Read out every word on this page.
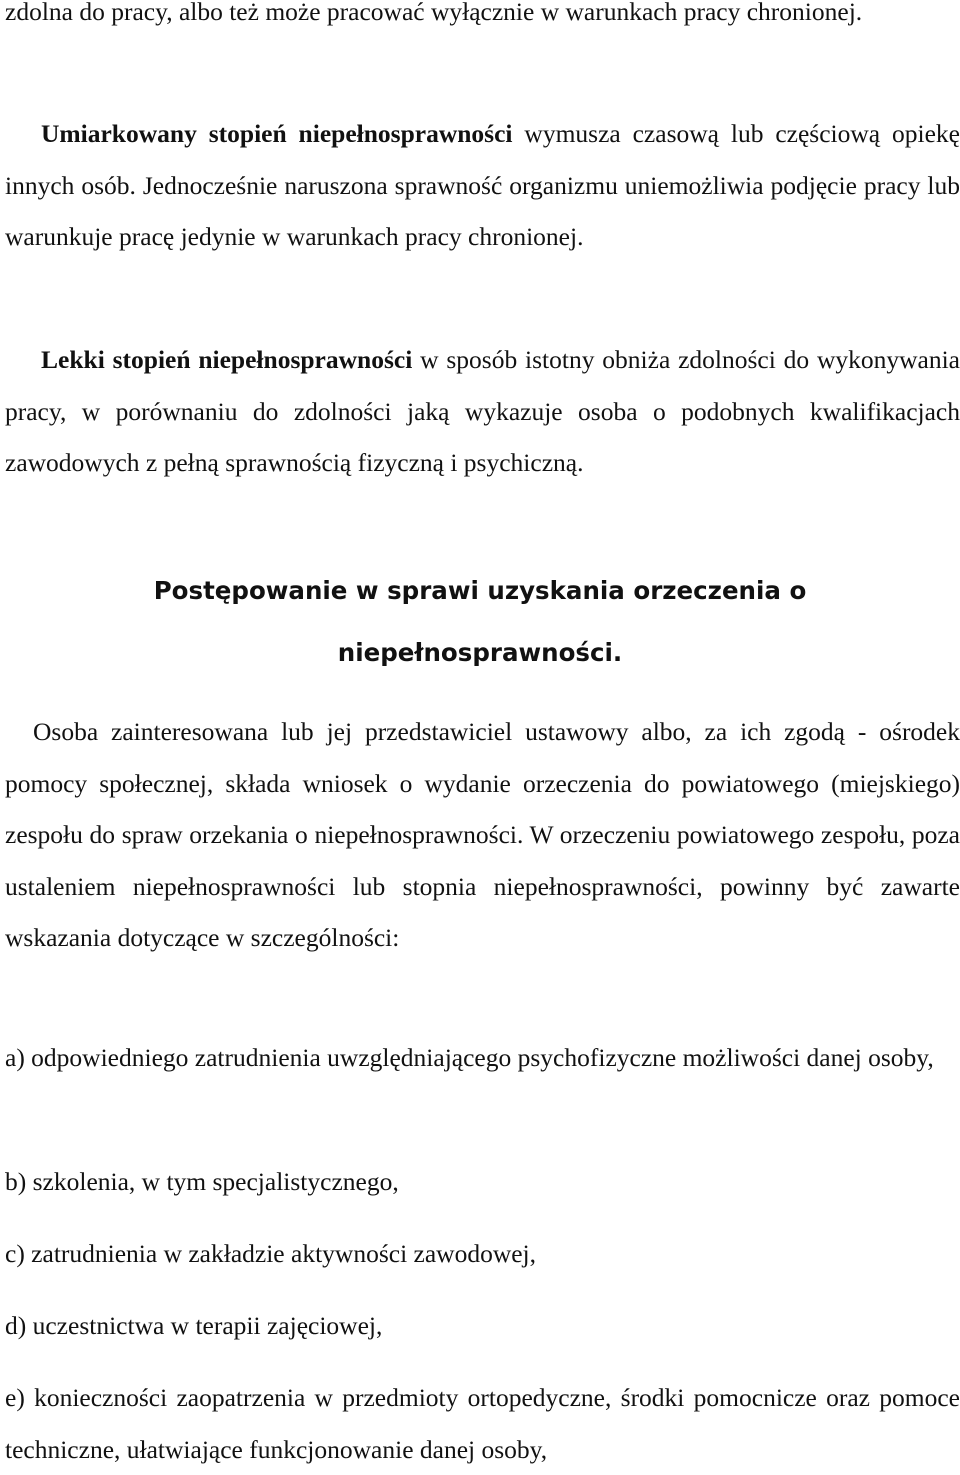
zdolna do pracy, albo też może pracować wyłącznie w warunkach pracy chronionej.

Umiarkowany stopień niepełnosprawności wymusza czasową lub częściową opiekę innych osób. Jednocześnie naruszona sprawność organizmu uniemożliwia podjęcie pracy lub warunkuje pracę jedynie w warunkach pracy chronionej.

Lekki stopień niepełnosprawności w sposób istotny obniża zdolności do wykonywania pracy, w porównaniu do zdolności jaką wykazuje osoba o podobnych kwalifikacjach zawodowych z pełną sprawnością fizyczną i psychiczną.

Postępowanie w sprawi uzyskania orzeczenia o
niepełnosprawności.

Osoba zainteresowana lub jej przedstawiciel ustawowy albo, za ich zgodą - ośrodek pomocy społecznej, składa wniosek o wydanie orzeczenia do powiatowego (miejskiego) zespołu do spraw orzekania o niepełnosprawności. W orzeczeniu powiatowego zespołu, poza ustaleniem niepełnosprawności lub stopnia niepełnosprawności, powinny być zawarte wskazania dotyczące w szczególności:

a) odpowiedniego zatrudnienia uwzględniającego psychofizyczne możliwości danej osoby,

b) szkolenia, w tym specjalistycznego,

c) zatrudnienia w zakładzie aktywności zawodowej,

d) uczestnictwa w terapii zajęciowej,

e) konieczności zaopatrzenia w przedmioty ortopedyczne, środki pomocnicze oraz pomoce techniczne, ułatwiające funkcjonowanie danej osoby,
